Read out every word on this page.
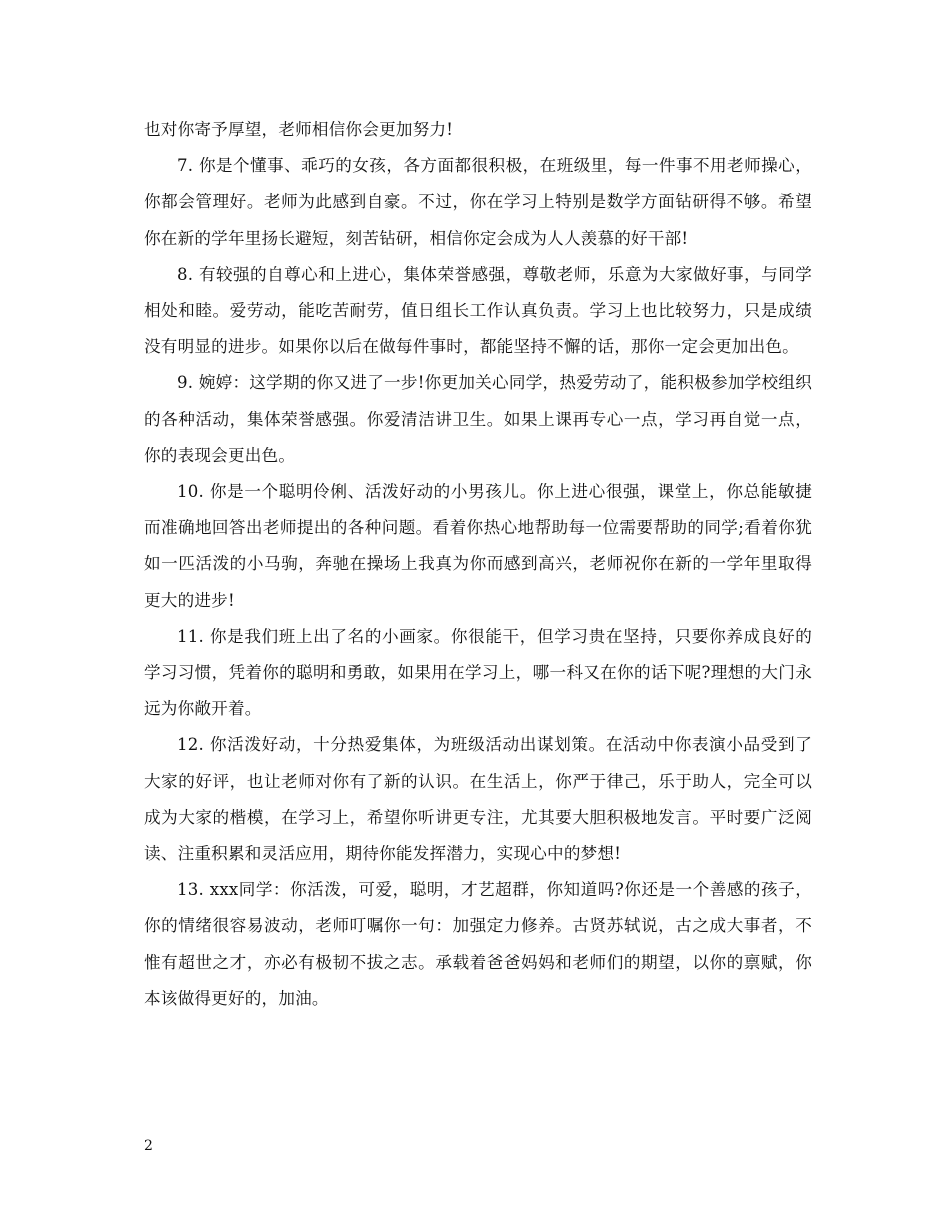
也对你寄予厚望，老师相信你会更加努力!

7. 你是个懂事、乖巧的女孩，各方面都很积极，在班级里，每一件事不用老师操心，你都会管理好。老师为此感到自豪。不过，你在学习上特别是数学方面钻研得不够。希望你在新的学年里扬长避短，刻苦钻研，相信你定会成为人人羡慕的好干部!

8. 有较强的自尊心和上进心，集体荣誉感强，尊敬老师，乐意为大家做好事，与同学相处和睦。爱劳动，能吃苦耐劳，值日组长工作认真负责。学习上也比较努力，只是成绩没有明显的进步。如果你以后在做每件事时，都能坚持不懈的话，那你一定会更加出色。

9. 婉婷：这学期的你又进了一步!你更加关心同学，热爱劳动了，能积极参加学校组织的各种活动，集体荣誉感强。你爱清洁讲卫生。如果上课再专心一点，学习再自觉一点，你的表现会更出色。

10. 你是一个聪明伶俐、活泼好动的小男孩儿。你上进心很强，课堂上，你总能敏捷而准确地回答出老师提出的各种问题。看着你热心地帮助每一位需要帮助的同学;看着你犹如一匹活泼的小马驹，奔驰在操场上我真为你而感到高兴，老师祝你在新的一学年里取得更大的进步!

11. 你是我们班上出了名的小画家。你很能干，但学习贵在坚持，只要你养成良好的学习习惯，凭着你的聪明和勇敢，如果用在学习上，哪一科又在你的话下呢?理想的大门永远为你敞开着。

12. 你活泼好动，十分热爱集体，为班级活动出谋划策。在活动中你表演小品受到了大家的好评，也让老师对你有了新的认识。在生活上，你严于律己，乐于助人，完全可以成为大家的楷模，在学习上，希望你听讲更专注，尤其要大胆积极地发言。平时要广泛阅读、注重积累和灵活应用，期待你能发挥潜力，实现心中的梦想!

13. xxx同学：你活泼，可爱，聪明，才艺超群，你知道吗?你还是一个善感的孩子，你的情绪很容易波动，老师叮嘱你一句：加强定力修养。古贤苏轼说，古之成大事者，不惟有超世之才，亦必有极韧不拔之志。承载着爸爸妈妈和老师们的期望，以你的禀赋，你本该做得更好的，加油。

2
